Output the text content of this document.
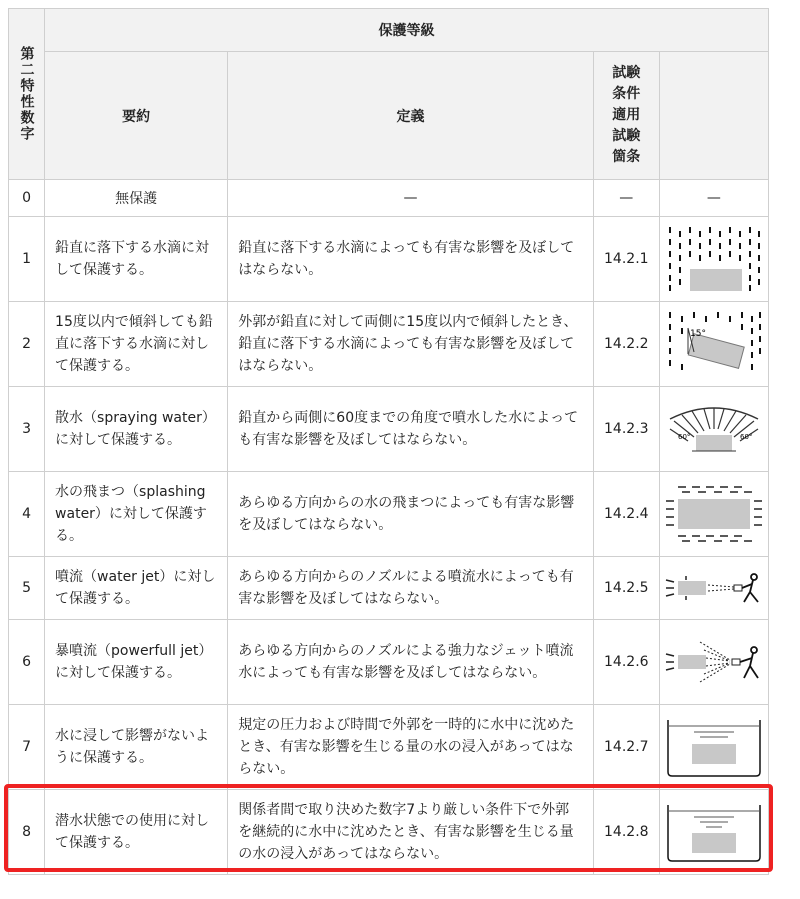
第二特性数字	保護等級			
	要約	定義	試験条件適用試験箇条	

0	無保護	—	—	—
1	鉛直に落下する水滴に対して保護する。	鉛直に落下する水滴によっても有害な影響を及ぼしてはならない。	14.2.1	

2	15度以内で傾斜しても鉛直に落下する水滴に対して保護する。	外郭が鉛直に対して両側に15度以内で傾斜したとき、鉛直に落下する水滴によっても有害な影響を及ぼしてはならない。	14.2.2	15°

3	散水（spraying water）に対して保護する。	鉛直から両側に60度までの角度で噴水した水によっても有害な影響を及ぼしてはならない。	14.2.3	60° 60°

4	水の飛まつ（splashing water）に対して保護する。	あらゆる方向からの水の飛まつによっても有害な影響を及ぼしてはならない。	14.2.4	

5	噴流（water jet）に対して保護する。	あらゆる方向からのノズルによる噴流水によっても有害な影響を及ぼしてはならない。	14.2.5	

6	暴噴流（powerfull jet）に対して保護する。	あらゆる方向からのノズルによる強力なジェット噴流水によっても有害な影響を及ぼしてはならない。	14.2.6	

7	水に浸して影響がないように保護する。	規定の圧力および時間で外郭を一時的に水中に沈めたとき、有害な影響を生じる量の水の浸入があってはならない。	14.2.7	

8	潜水状態での使用に対して保護する。	関係者間で取り決めた数字7より厳しい条件下で外郭を継続的に水中に沈めたとき、有害な影響を生じる量の水の浸入があってはならない。	14.2.8	
